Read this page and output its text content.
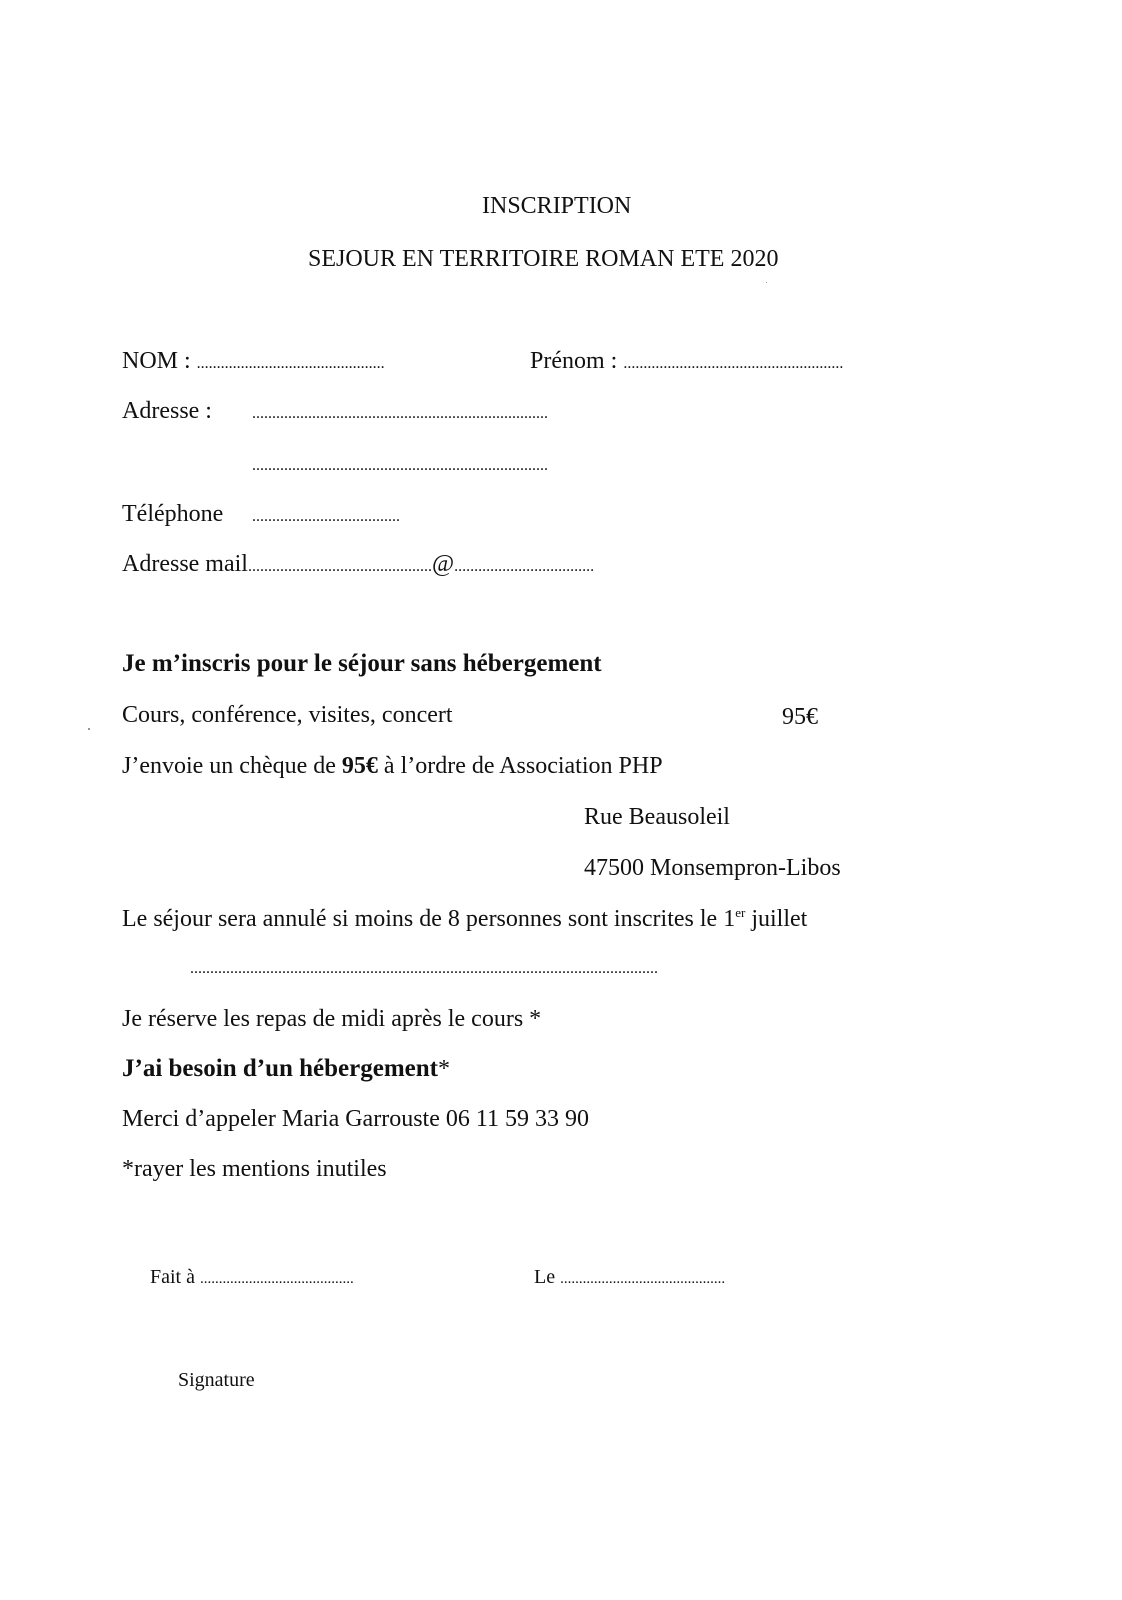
INSCRIPTION
SEJOUR EN TERRITOIRE ROMAN ETE 2020
NOM : ...............................................	Prénom : .......................................................
Adresse :	..........................................................................
..........................................................................
Téléphone .....................................
Adresse mail..............................................@...................................
Je m’inscris pour le séjour sans hébergement
Cours, conférence, visites, concert	95€
J’envoie un chèque de 95€ à l’ordre de Association PHP
Rue Beausoleil
47500 Monsempron-Libos
Le séjour sera annulé si moins de 8 personnes sont inscrites le 1er juillet
.....................................................................................................................
Je réserve les repas de midi après le cours *
J’ai besoin d’un hébergement*
Merci d’appeler Maria Garrouste 06 11 59 33 90
*rayer les mentions inutiles
Fait à .........................................	Le ............................................
Signature
